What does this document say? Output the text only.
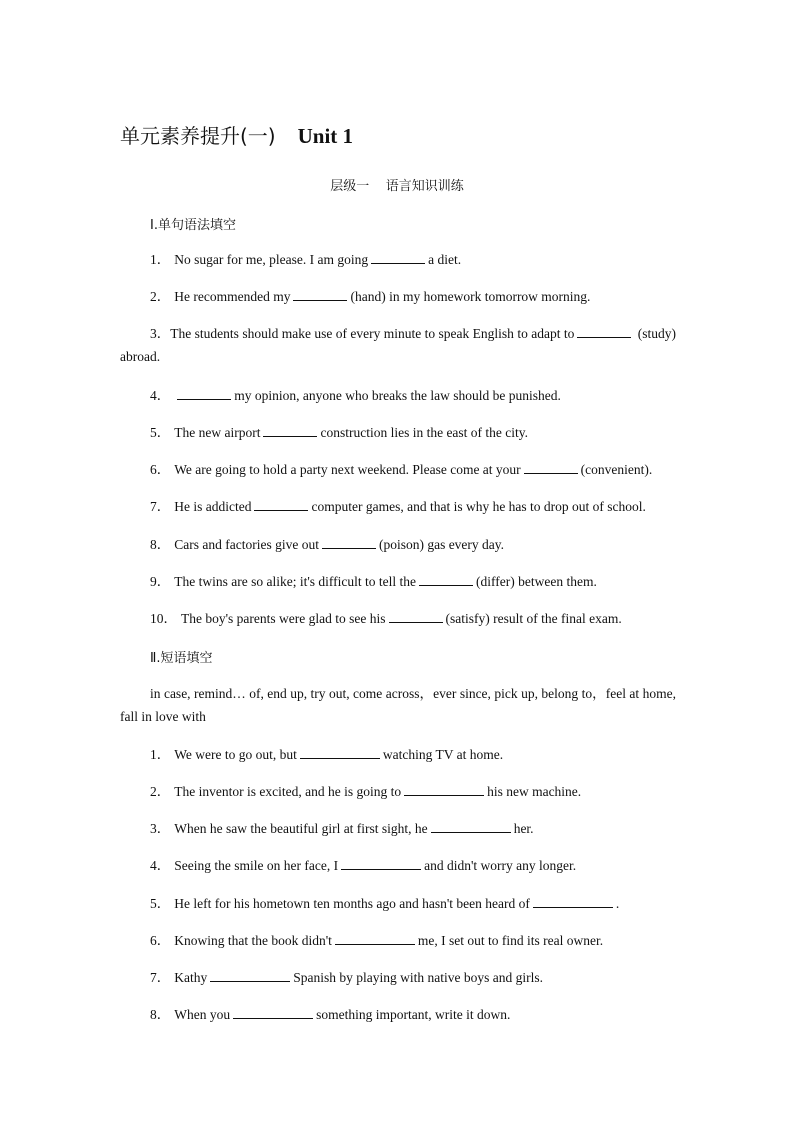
单元素养提升(一) Unit 1
层级一    语言知识训练
Ⅰ.单句语法填空
1． No sugar for me, please. I am going	a diet.
2． He recommended my	(hand) in my homework tomorrow morning.
3．The students should make use of every minute to speak English to adapt to	(study) abroad.
4．	my opinion, anyone who breaks the law should be punished.
5． The new airport	construction lies in the east of the city.
6． We are going to hold a party next weekend. Please come at your	(convenient).
7． He is addicted	computer games, and that is why he has to drop out of school.
8． Cars and factories give out	(poison) gas every day.
9． The twins are so alike; it's difficult to tell the	(differ) between them.
10． The boy's parents were glad to see his	(satisfy) result of the final exam.
Ⅱ.短语填空
in case, remind… of, end up, try out, come across，ever since, pick up, belong to，feel at home, fall in love with
1． We were to go out, but	watching TV at home.
2． The inventor is excited, and he is going to	his new machine.
3． When he saw the beautiful girl at first sight, he	her.
4． Seeing the smile on her face, I	and didn't worry any longer.
5． He left for his hometown ten months ago and hasn't been heard of	.
6． Knowing that the book didn't	me, I set out to find its real owner.
7． Kathy	Spanish by playing with native boys and girls.
8． When you	something important, write it down.
